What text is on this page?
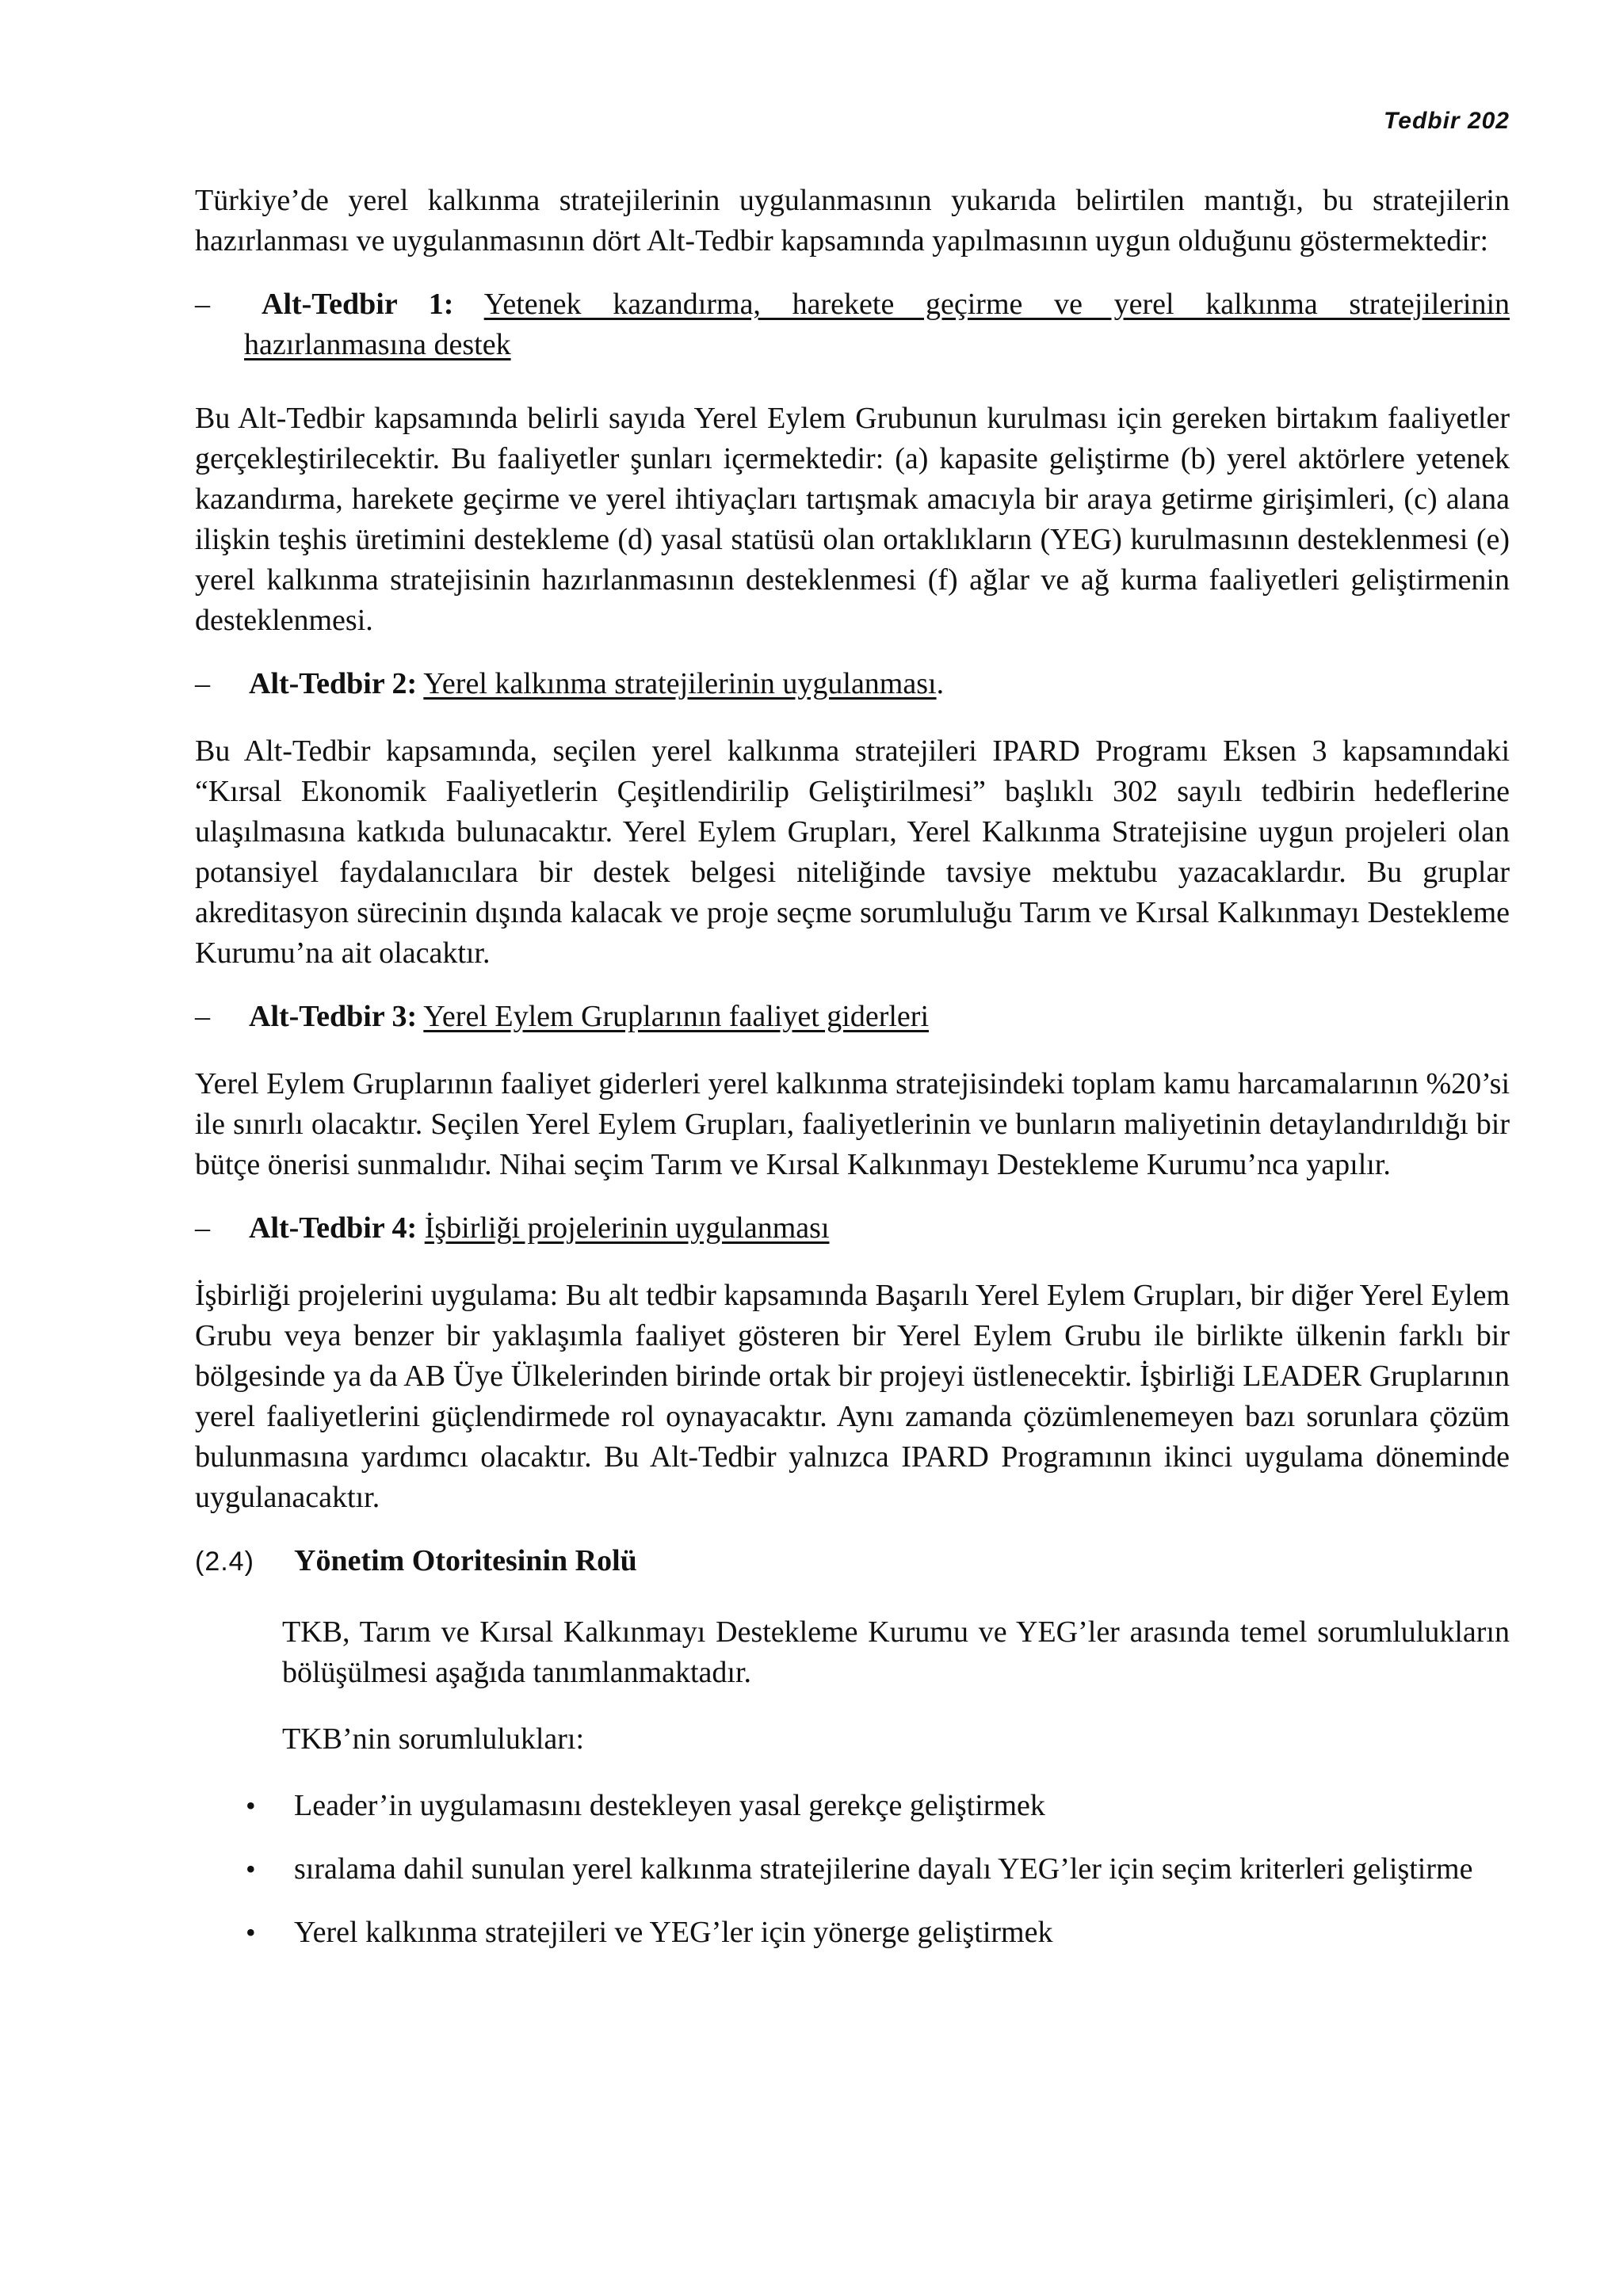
Tedbir 202

Türkiye’de yerel kalkınma stratejilerinin uygulanmasının yukarıda belirtilen mantığı, bu stratejilerin hazırlanması ve uygulanmasının dört Alt-Tedbir kapsamında yapılmasının uygun olduğunu göstermektedir:

–	Alt-Tedbir 1: Yetenek kazandırma, harekete geçirme ve yerel kalkınma stratejilerinin
hazırlanmasına destek

Bu Alt-Tedbir kapsamında belirli sayıda Yerel Eylem Grubunun kurulması için gereken birtakım faaliyetler gerçekleştirilecektir. Bu faaliyetler şunları içermektedir: (a) kapasite geliştirme (b) yerel aktörlere yetenek kazandırma, harekete geçirme ve yerel ihtiyaçları tartışmak amacıyla bir araya getirme girişimleri, (c) alana ilişkin teşhis üretimini destekleme (d) yasal statüsü olan ortaklıkların (YEG) kurulmasının desteklenmesi (e) yerel kalkınma stratejisinin hazırlanmasının desteklenmesi (f) ağlar ve ağ kurma faaliyetleri geliştirmenin desteklenmesi.

– Alt-Tedbir 2: Yerel kalkınma stratejilerinin uygulanması.

Bu Alt-Tedbir kapsamında, seçilen yerel kalkınma stratejileri IPARD Programı Eksen 3 kapsamındaki “Kırsal Ekonomik Faaliyetlerin Çeşitlendirilip Geliştirilmesi” başlıklı 302 sayılı tedbirin hedeflerine ulaşılmasına katkıda bulunacaktır. Yerel Eylem Grupları, Yerel Kalkınma Stratejisine uygun projeleri olan potansiyel faydalanıcılara bir destek belgesi niteliğinde tavsiye mektubu yazacaklardır. Bu gruplar akreditasyon sürecinin dışında kalacak ve proje seçme sorumluluğu Tarım ve Kırsal Kalkınmayı Destekleme Kurumu’na ait olacaktır.

– Alt-Tedbir 3: Yerel Eylem Gruplarının faaliyet giderleri

Yerel Eylem Gruplarının faaliyet giderleri yerel kalkınma stratejisindeki toplam kamu harcamalarının %20’si ile sınırlı olacaktır. Seçilen Yerel Eylem Grupları, faaliyetlerinin ve bunların maliyetinin detaylandırıldığı bir bütçe önerisi sunmalıdır. Nihai seçim Tarım ve Kırsal Kalkınmayı Destekleme Kurumu’nca yapılır.

– Alt-Tedbir 4: İşbirliği projelerinin uygulanması

İşbirliği projelerini uygulama: Bu alt tedbir kapsamında Başarılı Yerel Eylem Grupları, bir diğer Yerel Eylem Grubu veya benzer bir yaklaşımla faaliyet gösteren bir Yerel Eylem Grubu ile birlikte ülkenin farklı bir bölgesinde ya da AB Üye Ülkelerinden birinde ortak bir projeyi üstlenecektir. İşbirliği LEADER Gruplarının yerel faaliyetlerini güçlendirmede rol oynayacaktır. Aynı zamanda çözümlenemeyen bazı sorunlara çözüm bulunmasına yardımcı olacaktır. Bu Alt-Tedbir yalnızca IPARD Programının ikinci uygulama döneminde uygulanacaktır.

(2.4) Yönetim Otoritesinin Rolü

TKB, Tarım ve Kırsal Kalkınmayı Destekleme Kurumu ve YEG’ler arasında temel sorumlulukların bölüşülmesi aşağıda tanımlanmaktadır.

TKB’nin sorumlulukları:

• Leader’in uygulamasını destekleyen yasal gerekçe geliştirmek
• sıralama dahil sunulan yerel kalkınma stratejilerine dayalı YEG’ler için seçim kriterleri geliştirme
• Yerel kalkınma stratejileri ve YEG’ler için yönerge geliştirmek
